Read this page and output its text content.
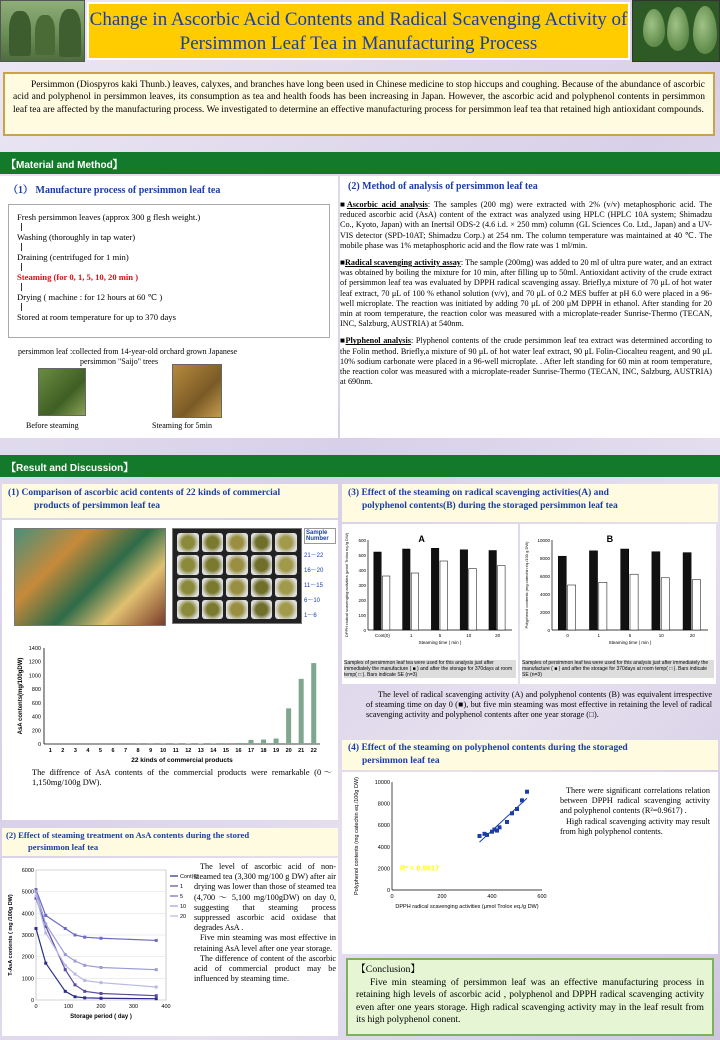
Change in Ascorbic Acid Contents and Radical Scavenging Activity of
Persimmon Leaf Tea in Manufacturing Process
Persimmon (Diospyros kaki Thunb.) leaves, calyxes, and branches have long been used in Chinese medicine to stop hiccups and coughing. Because of the abundance of ascorbic acid and polyphenol in persimmon leaves, its consumption as tea and health foods has been increasing in Japan. However, the ascorbic acid and polyphenol contents in persimmon leaf tea are affected by the manufacturing process. We investigated to determine an effective manufacturing process for persimmon leaf tea that retained high antioxidant compounds.
【Material and Method】
（1） Manufacture process of persimmon leaf tea
Fresh persimmon leaves (approx 300 g flesh weight.)
Washing (thoroughly in tap water)
Draining (centrifuged for 1 min)
Steaming (for 0, 1, 5, 10, 20 min )
Drying ( machine : for 12 hours at 60 ℃ )
Stored at room temperature for up to 370 days
persimmon leaf :collected from 14-year-old orchard grown Japanese
persimmon "Saijo" trees
Before steaming	Steaming for 5min
(2) Method of analysis of persimmon leaf tea

■Ascorbic acid analysis: The samples (200 mg) were extracted with 2% (v/v) metaphosphoric acid. The reduced ascorbic acid (AsA) content of the extract was analyzed using HPLC (HPLC 10A system; Shimadzu Co., Kyoto, Japan) with an Inertsil ODS-2 (4.6 i.d. × 250 mm) column (GL Sciences Co. Ltd., Japan) and a UV-VIS detector (SPD-10AT; Shimadzu Corp.) at 254 nm. The column temperature was maintained at 40 ℃. The mobile phase was 1% metaphosphoric acid and the flow rate was 1 ml/min.

■Radical scavenging activity assay: The sample (200mg) was added to 20 ml of ultra pure water, and an extract was obtained by boiling the mixture for 10 min, after filling up to 50ml. Antioxidant activity of the crude extract of persimmon leaf tea was evaluated by DPPH radical scavenging assay. Briefly,a mixture of 70 μL of hot water leaf extract, 70 μL of 100 % ethanol solution (v/v), and 70 μL of 0.2 MES buffer at pH 6.0 were placed in a 96-well microplate. The reaction was initiated by adding 70 μL of 200 μM DPPH in ethanol. After standing for 20 min at room temperature, the reaction color was measured with a microplate-reader Sunrise-Thermo (TECAN, INC, Salzburg, AUSTRIA) at 540nm.

■Plyphenol analysis: Plyphenol contents of the crude persimmon leaf tea extract was determined according to the Folin method. Briefly,a mixture of 90 μL of hot water leaf extract, 90 μL Folin-Ciocalteu reagent, and 90 μL 10% sodium carbonate were placed in a 96-well microplate. . After left standing for 60 min at room temperature, the reaction color was measured with a microplate-reader Sunrise-Thermo (TECAN, INC, Salzburg, AUSTRIA) at 690nm.

【Result and Discussion】
(1) Comparison of ascorbic acid contents of 22 kinds of commercial
products of persimmon leaf tea
Sample Number
21～22
16～20
11～15
6～10
1～6
0
200
400
600
800
1000
1200
1400
1 2 3 4 5 6 7 8 9 10 11 12 13 14 15 16 17 18 19 20 21 22
22 kinds of commercial products
AsA contents(mg/100gDW)
The diffrence of AsA contents of the commercial products were remarkable (0～1,150mg/100g DW).
(2) Effect of steaming treatment on AsA contents during the stored
persimmon leaf tea
0
1000
2000
3000
4000
5000
6000
0	100	200	300	400
Cont(0)
1
5
10
20
Storage period ( day )
T-AsA contents ( mg /100g DW)

The level of ascorbic acid of non-steamed tea (3,300 mg/100 g DW) after air drying was lower than those of steamed tea (4,700 ～ 5,100 mg/100gDW) on day 0, suggesting that steaming process suppressed ascorbic acid oxidase that degrades AsA .

Five min steaming was most effective in retaining AsA level after one year storage.

The difference of content of the ascorbic acid of commercial product may be influenced by steaming time.

(3) Effect of the steaming on radical scavenging activities(A) and
polyphenol contents(B) during the storaged persimmon leaf tea
0
100
200
300
400
500
600
Cont(0)	1	5	10	20
Steaming time ( min )
DPPH radical scavenging activities (μmol Trolox eq./g DW)	A
Samples of persimmon leaf tea were used for this analysis just after immediately the manufacture ( ■ ) and after the storage for 370days at room temp( □ ). Bars indicate SE (n=3)
0
2000
4000
6000
8000
10000
0	1	5	10	20
Steaming time ( min )
Polyphenol contents (mg catechin eq./100 g DW)
B
Samples of persimmon leaf tea were used for this analysis just after immediately the manufacture ( ■ ) and after the storage for 370days at room temp( □ ). Bars indicate SE (n=3)
The level of radical scavenging activity (A) and polyphenol contents (B) was equivalent irrespective of steaming time on day 0 (■), but five min steaming was most effective in retaining the level of radical scavenging activity and polyphenol contents after one year storage (□).
(4) Effect of the steaming on polyphenol contents during the storaged
persimmon leaf tea
0
2000
4000
6000
8000
10000
0	200	400	600
R² = 0.9617
DPPH radical scavenging activities (μmol Trolox eq./g DW)
Polyphenol contents (mg catechin eq./100g DW)	There were significant correlations relation between DPPH radical scavenging activity and polyphenol contents (R²=0.9617) .

High radical scavenging activity may result from high polyphenol contents.

【Conclusion】
Five min steaming of persimmon leaf was an effective manufacturing process in retaining high levels of ascorbic acid , polyphenol and DPPH radical scavenging activity even after one years storage. High radical scavenging activity may in the leaf result from its high polyphenol conent.
